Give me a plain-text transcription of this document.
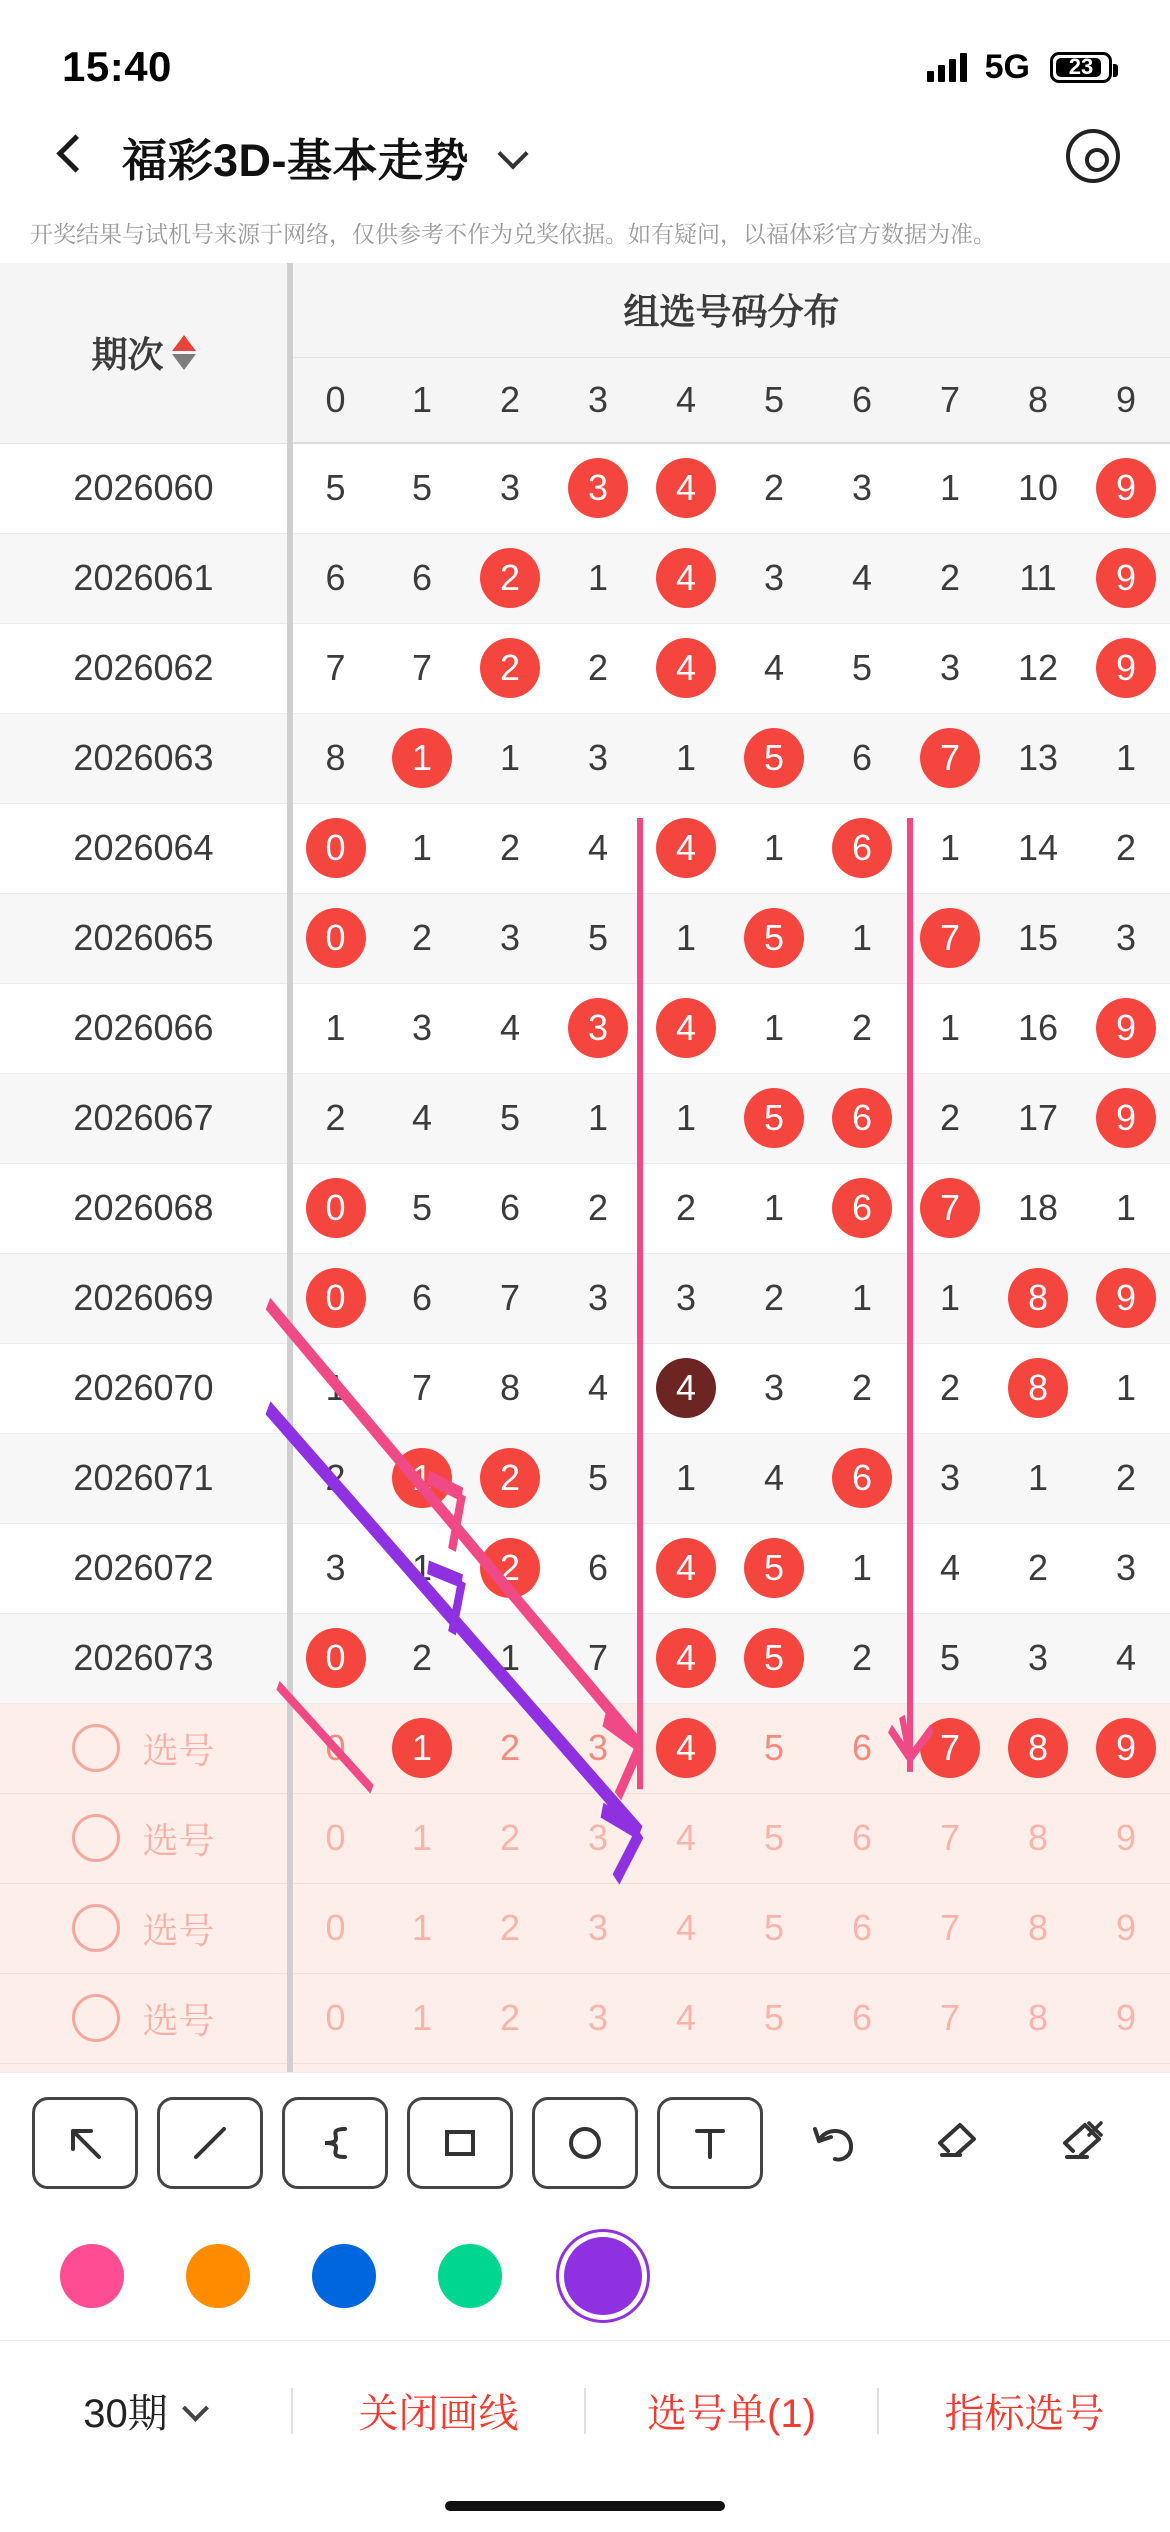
15:40	5G	23
福彩3D-基本走势
开奖结果与试机号来源于网络，仅供参考不作为兑奖依据。如有疑问，以福体彩官方数据为准。
期次	组选号码分布									
	0	1	2	3	4	5	6	7	8	9
2026060	5	5	3	3	4	2	3	1	10	9
2026061	6	6	2	1	4	3	4	2	11	9
2026062	7	7	2	2	4	4	5	3	12	9
2026063	8	1	1	3	1	5	6	7	13	1
2026064	0	1	2	4	4	1	6	1	14	2
2026065	0	2	3	5	1	5	1	7	15	3
2026066	1	3	4	3	4	1	2	1	16	9
2026067	2	4	5	1	1	5	6	2	17	9
2026068	0	5	6	2	2	1	6	7	18	1
2026069	0	6	7	3	3	2	1	1	8	9
2026070	1	7	8	4	4	3	2	2	8	1
2026071	2	1	2	5	1	4	6	3	1	2
2026072	3	1	2	6	4	5	1	4	2	3
2026073	0	2	1	7	4	5	2	5	3	4

选号	0	1	2	3	4	5	6	7	8	9

选号	0	1	2	3	4	5	6	7	8	9

选号	0	1	2	3	4	5	6	7	8	9

选号	0	1	2	3	4	5	6	7	8	9

30期	关闭画线	选号单(1)	指标选号
